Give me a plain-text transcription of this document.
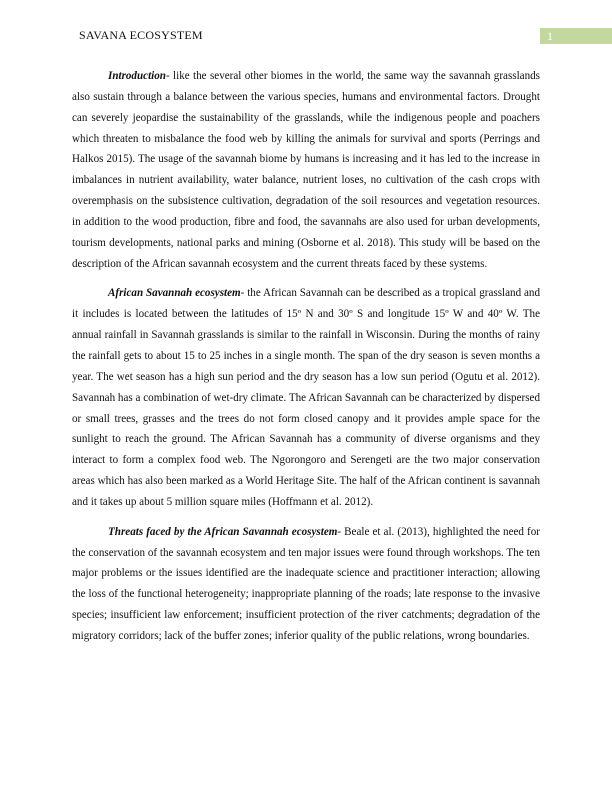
SAVANA ECOSYSTEM	1

Introduction- like the several other biomes in the world, the same way the savannah grasslands also sustain through a balance between the various species, humans and environmental factors. Drought can severely jeopardise the sustainability of the grasslands, while the indigenous people and poachers which threaten to misbalance the food web by killing the animals for survival and sports (Perrings and Halkos 2015). The usage of the savannah biome by humans is increasing and it has led to the increase in imbalances in nutrient availability, water balance, nutrient loses, no cultivation of the cash crops with overemphasis on the subsistence cultivation, degradation of the soil resources and vegetation resources. in addition to the wood production, fibre and food, the savannahs are also used for urban developments, tourism developments, national parks and mining (Osborne et al. 2018). This study will be based on the description of the African savannah ecosystem and the current threats faced by these systems.

African Savannah ecosystem- the African Savannah can be described as a tropical grassland and it includes is located between the latitudes of 15º N and 30º S and longitude 15º W and 40º W. The annual rainfall in Savannah grasslands is similar to the rainfall in Wisconsin. During the months of rainy the rainfall gets to about 15 to 25 inches in a single month. The span of the dry season is seven months a year. The wet season has a high sun period and the dry season has a low sun period (Ogutu et al. 2012). Savannah has a combination of wet-dry climate. The African Savannah can be characterized by dispersed or small trees, grasses and the trees do not form closed canopy and it provides ample space for the sunlight to reach the ground. The African Savannah has a community of diverse organisms and they interact to form a complex food web. The Ngorongoro and Serengeti are the two major conservation areas which has also been marked as a World Heritage Site. The half of the African continent is savannah and it takes up about 5 million square miles (Hoffmann et al. 2012).

Threats faced by the African Savannah ecosystem- Beale et al. (2013), highlighted the need for the conservation of the savannah ecosystem and ten major issues were found through workshops. The ten major problems or the issues identified are the inadequate science and practitioner interaction; allowing the loss of the functional heterogeneity; inappropriate planning of the roads; late response to the invasive species; insufficient law enforcement; insufficient protection of the river catchments; degradation of the migratory corridors; lack of the buffer zones; inferior quality of the public relations, wrong boundaries.
